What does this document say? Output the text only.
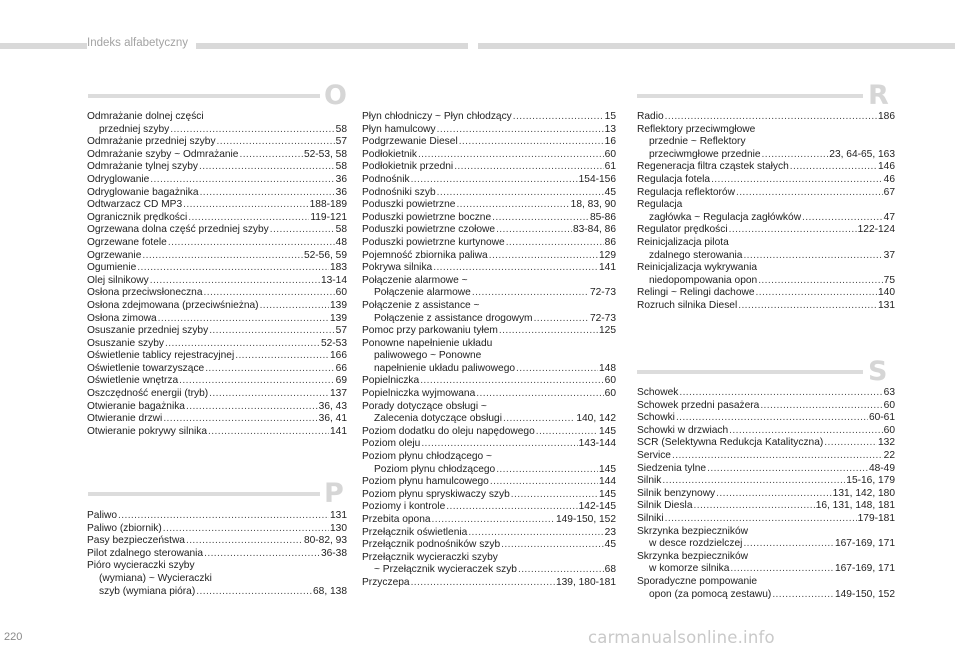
Indeks alfabetyczny
O
P
R
S
Odmrażanie dolnej części
przedniej szyby .....	58
Odmrażanie przedniej szyby .....	57
Odmrażanie szyby ~ Odmrażanie .....	52-53, 58
Odmrażanie tylnej szyby .....	58
Odryglowanie .....	36
Odryglowanie bagażnika .....	36
Odtwarzacz CD MP3 .....	188-189
Ogranicznik prędkości .....	119-121
Ogrzewana dolna część przedniej szyby .....	58
Ogrzewane fotele .....	48
Ogrzewanie .....	52-56, 59
Ogumienie .....	183
Olej silnikowy .....	13-14
Osłona przeciwsłoneczna .....	60
Osłona zdejmowana (przeciwśnieżna) .....	139
Osłona zimowa .....	139
Osuszanie przedniej szyby .....	57
Osuszanie szyby .....	52-53
Oświetlenie tablicy rejestracyjnej .....	166
Oświetlenie towarzyszące .....	66
Oświetlenie wnętrza .....	69
Oszczędność energii (tryb) .....	137
Otwieranie bagażnika .....	36, 43
Otwieranie drzwi .....	36, 41
Otwieranie pokrywy silnika .....	141
Paliwo .....	131
Paliwo (zbiornik) .....	130
Pasy bezpieczeństwa .....	80-82, 93
Pilot zdalnego sterowania .....	36-38
Pióro wycieraczki szyby
(wymiana) ~ Wycieraczki
szyb (wymiana pióra) .....	68, 138
Płyn chłodniczy ~ Płyn chłodzący .....	15
Płyn hamulcowy .....	13
Podgrzewanie Diesel .....	16
Podłokietnik .....	60
Podłokietnik przedni .....	61
Podnośnik .....	154-156
Podnośniki szyb .....	45
Poduszki powietrzne .....	18, 83, 90
Poduszki powietrzne boczne .....	85-86
Poduszki powietrzne czołowe .....	83-84, 86
Poduszki powietrzne kurtynowe .....	86
Pojemność zbiornika paliwa .....	129
Pokrywa silnika .....	141
Połączenie alarmowe ~
Połączenie alarmowe .....	72-73
Połączenie z assistance ~
Połączenie z assistance drogowym .....	72-73
Pomoc przy parkowaniu tyłem .....	125
Ponowne napełnienie układu
paliwowego ~ Ponowne
napełnienie układu paliwowego .....	148
Popielniczka .....	60
Popielniczka wyjmowana .....	60
Porady dotyczące obsługi ~
Zalecenia dotyczące obsługi .....	140, 142
Poziom dodatku do oleju napędowego .....	145
Poziom oleju .....	143-144
Poziom płynu chłodzącego ~
Poziom płynu chłodzącego .....	145
Poziom płynu hamulcowego .....	144
Poziom płynu spryskiwaczy szyb .....	145
Poziomy i kontrole .....	142-145
Przebita opona .....	149-150, 152
Przełącznik oświetlenia .....	23
Przełącznik podnośników szyb .....	45
Przełącznik wycieraczki szyby
~ Przełącznik wycieraczek szyb .....	68
Przyczepa .....	139, 180-181
Radio .....	186
Reflektory przeciwmgłowe
przednie ~ Reflektory
przeciwmgłowe przednie .....	23, 64-65, 163
Regeneracja filtra cząstek stałych .....	146
Regulacja fotela .....	46
Regulacja reflektorów .....	67
Regulacja
zagłówka ~ Regulacja zagłówków .....	47
Regulator prędkości .....	122-124
Reinicjalizacja pilota
zdalnego sterowania .....	37
Reinicjalizacja wykrywania
niedopompowania opon .....	75
Relingi ~ Relingi dachowe .....	140
Rozruch silnika Diesel .....	131
Schowek .....	63
Schowek przedni pasażera .....	60
Schowki .....	60-61
Schowki w drzwiach .....	60
SCR (Selektywna Redukcja Katalityczna) .....	132
Service .....	22
Siedzenia tylne .....	48-49
Silnik .....	15-16, 179
Silnik benzynowy .....	131, 142, 180
Silnik Diesla .....	16, 131, 148, 181
Silniki .....	179-181
Skrzynka bezpieczników
w desce rozdzielczej .....	167-169, 171
Skrzynka bezpieczników
w komorze silnika .....	167-169, 171
Sporadyczne pompowanie
opon (za pomocą zestawu) .....	149-150, 152
220	carmanualsonline.info
